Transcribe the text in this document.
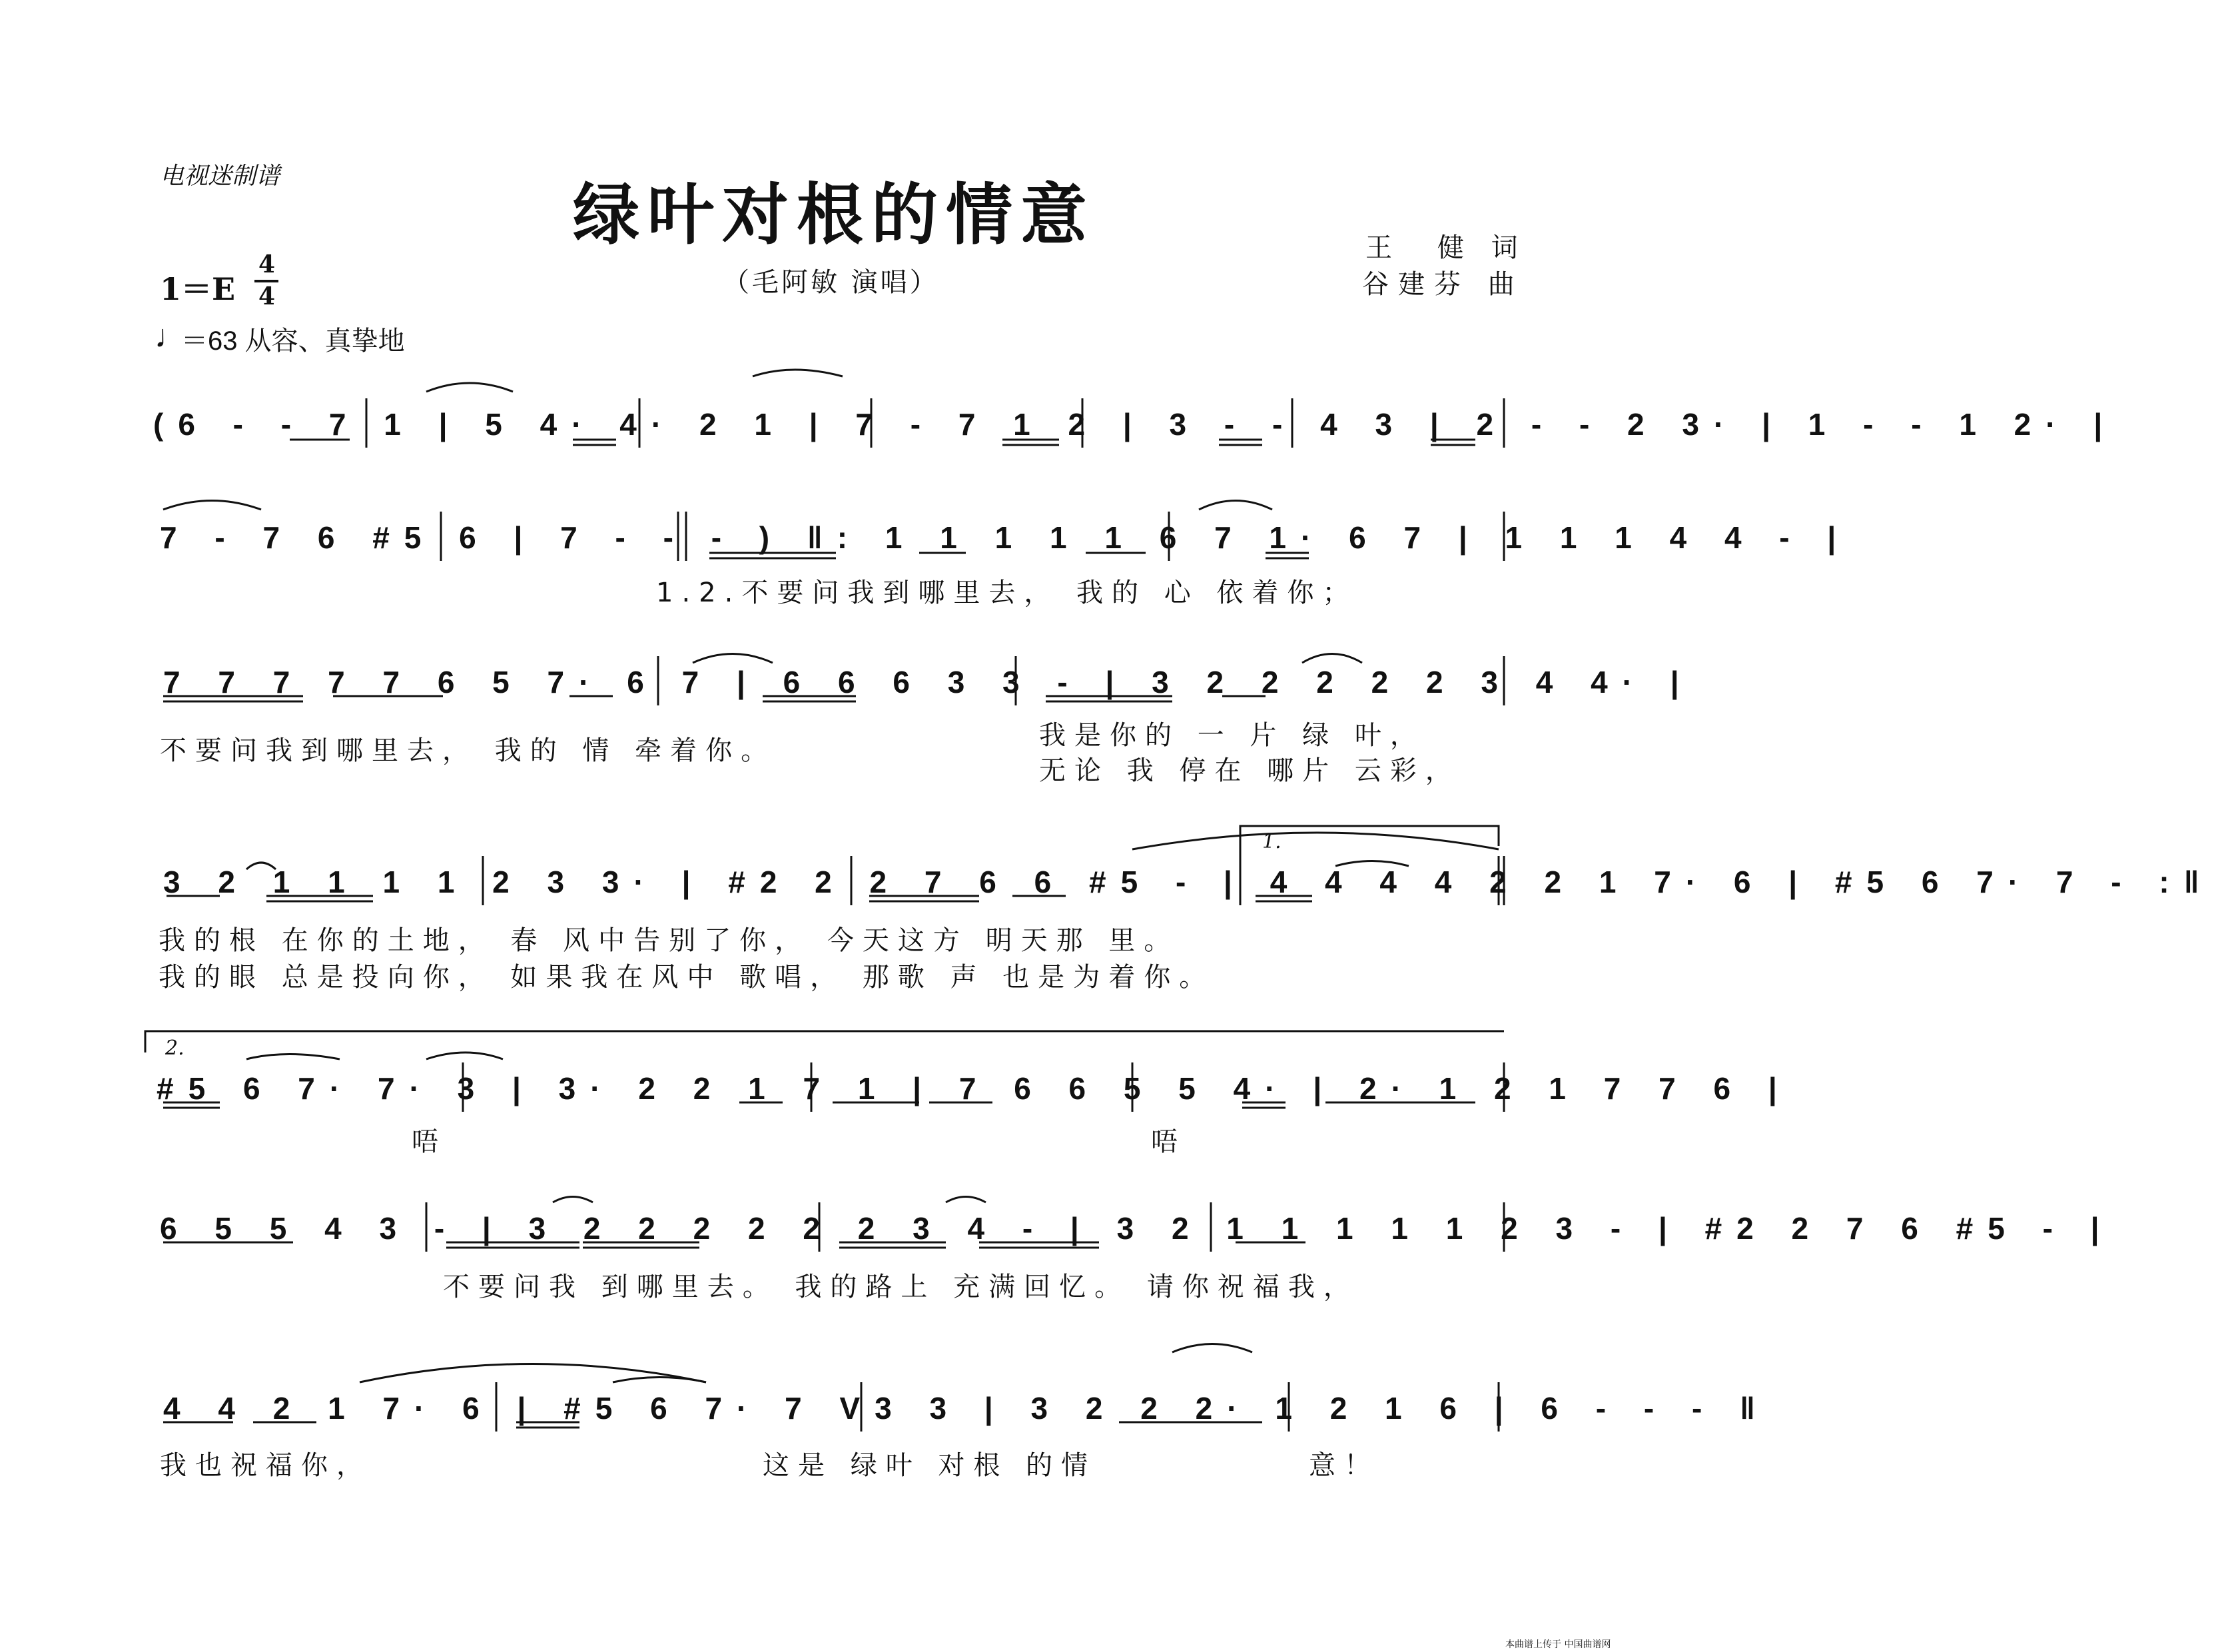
电视迷制谱	绿叶对根的情意
（毛阿敏 演唱）
王　健 词
谷建芬 曲
1＝E
4
4
♩
＝63 从容、真挚地
(6 - - 7 1 | 5 4· 4· 2 1 | 7 - 7 1 2 | 3 - - 4 3 | 2 - - 2 3· | 1 - - 1 2· |
7 - 7 6 #5 6 | 7 - - - ) ‖: 1 1 1 1 1 6 7 1· 6 7 | 1 1 1 4 4 - |
1.2.不要问我到哪里去， 我的 心 依着你；
7 7 7 7 7 6 5 7· 6 7 | 6 6 6 3 3 - | 3 2 2 2 2 2 3 4 4· |
不要问我到哪里去， 我的 情 牵着你。	我是你的 一 片 绿 叶，
无论 我 停在 哪片 云彩，
1.
3 2 1 1 1 1 2 3 3· | #2 2 2 7 6 6 #5 - | 4 4 4 4 2 2 1 7· 6 | #5 6 7· 7 - :‖
我的根 在你的土地， 春 风中告别了你， 今天这方 明天那 里。
我的眼 总是投向你， 如果我在风中 歌唱， 那歌 声 也是为着你。
2.
#5 6 7· 7· 3 | 3· 2 2 1 7 1 | 7 6 6 5 5 4· | 2· 1 2 1 7 7 6 |
唔	唔
6 5 5 4 3 - | 3 2 2 2 2 2 2 3 4 - | 3 2 1 1 1 1 1 2 3 - | #2 2 7 6 #5 - |
不要问我 到哪里去。 我的路上 充满回忆。 请你祝福我，
4 4 2 1 7· 6 | #5 6 7· 7 V3 3 | 3 2 2 2· 1 2 1 6 | 6 - - - ‖
我也祝福你，	这是 绿叶 对根 的情	意！
本曲谱上传于 中国曲谱网
